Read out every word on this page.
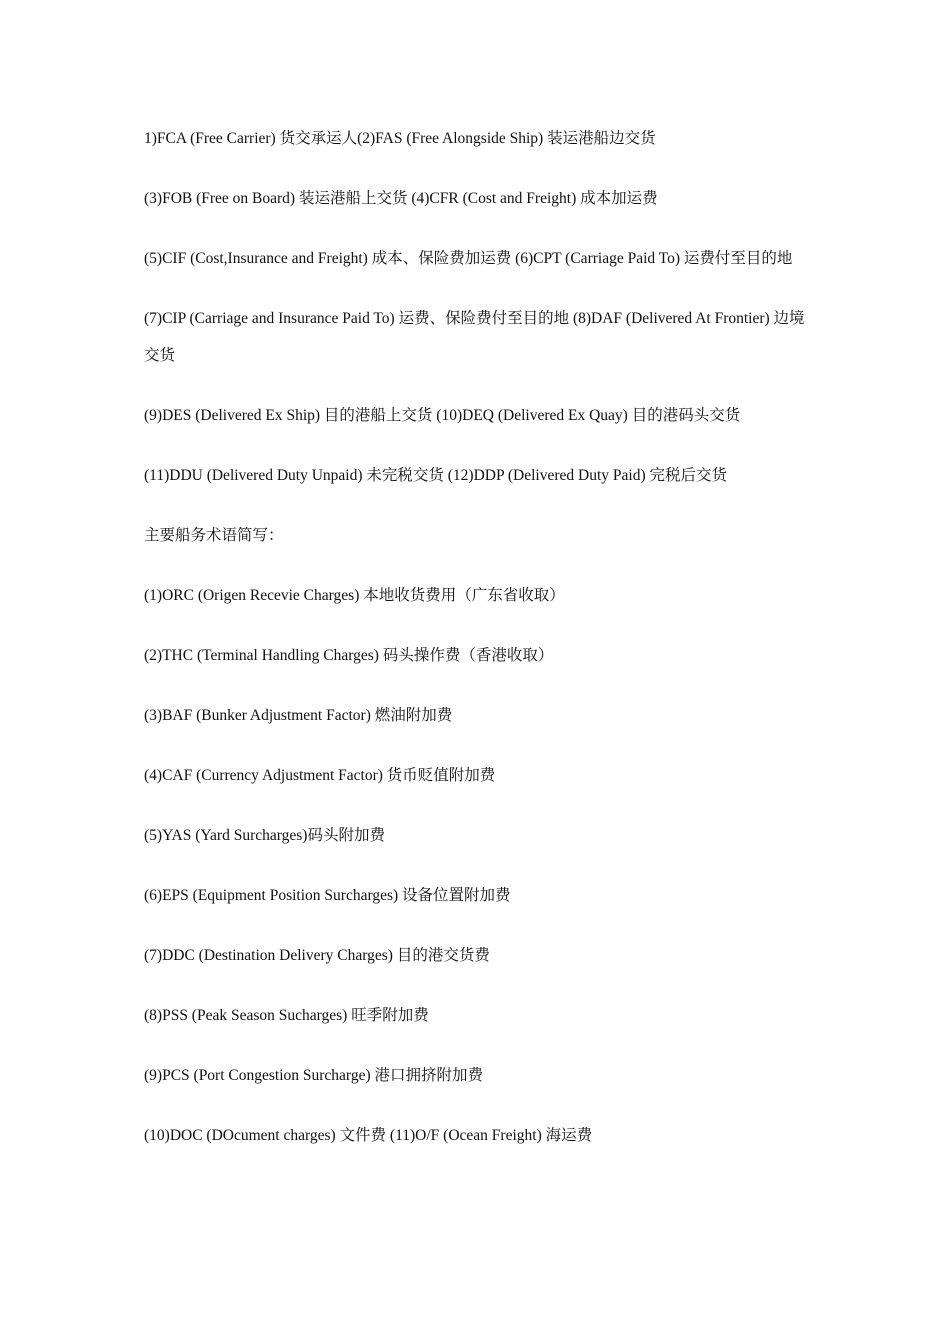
1)FCA (Free Carrier) 货交承运人(2)FAS (Free Alongside Ship) 装运港船边交货

(3)FOB (Free on Board) 装运港船上交货 (4)CFR (Cost and Freight) 成本加运费

(5)CIF (Cost,Insurance and Freight) 成本、保险费加运费 (6)CPT (Carriage Paid To) 运费付至目的地

(7)CIP (Carriage and Insurance Paid To) 运费、保险费付至目的地 (8)DAF (Delivered At Frontier) 边境交货

(9)DES (Delivered Ex Ship) 目的港船上交货 (10)DEQ (Delivered Ex Quay) 目的港码头交货

(11)DDU (Delivered Duty Unpaid) 未完税交货 (12)DDP (Delivered Duty Paid) 完税后交货

主要船务术语简写：

(1)ORC (Origen Recevie Charges) 本地收货费用（广东省收取）

(2)THC (Terminal Handling Charges) 码头操作费（香港收取）

(3)BAF (Bunker Adjustment Factor) 燃油附加费

(4)CAF (Currency Adjustment Factor) 货币贬值附加费

(5)YAS (Yard Surcharges)码头附加费

(6)EPS (Equipment Position Surcharges) 设备位置附加费

(7)DDC (Destination Delivery Charges) 目的港交货费

(8)PSS (Peak Season Sucharges) 旺季附加费

(9)PCS (Port Congestion Surcharge) 港口拥挤附加费

(10)DOC (DOcument charges) 文件费 (11)O/F (Ocean Freight) 海运费
